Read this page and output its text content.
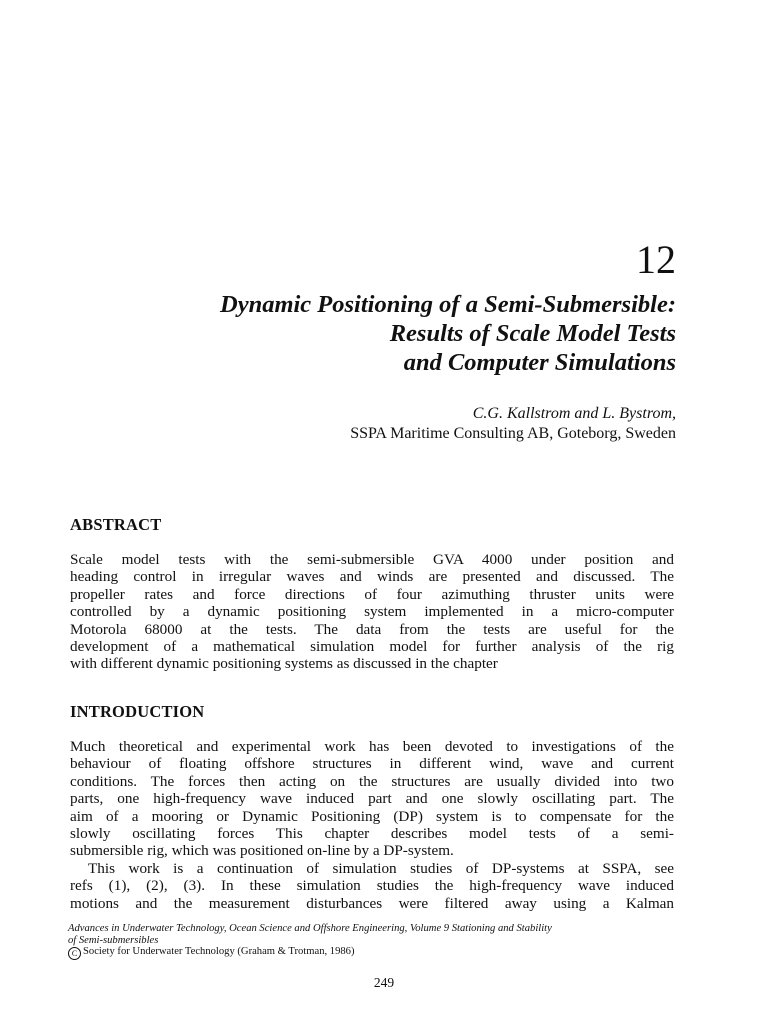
12
Dynamic Positioning of a Semi-Submersible:
Results of Scale Model Tests
and Computer Simulations
C.G. Kallstrom and L. Bystrom,
SSPA Maritime Consulting AB, Goteborg, Sweden
ABSTRACT
Scale model tests with the semi-submersible GVA 4000 under position and
heading control in irregular waves and winds are presented and discussed. The
propeller rates and force directions of four azimuthing thruster units were
controlled by a dynamic positioning system implemented in a micro-computer
Motorola 68000 at the tests. The data from the tests are useful for the
development of a mathematical simulation model for further analysis of the rig
with different dynamic positioning systems as discussed in the chapter
INTRODUCTION
Much theoretical and experimental work has been devoted to investigations of the
behaviour of floating offshore structures in different wind, wave and current
conditions. The forces then acting on the structures are usually divided into two
parts, one high-frequency wave induced part and one slowly oscillating part. The
aim of a mooring or Dynamic Positioning (DP) system is to compensate for the
slowly oscillating forces This chapter describes model tests of a semi-
submersible rig, which was positioned on-line by a DP-system.
This work is a continuation of simulation studies of DP-systems at SSPA, see
refs (1), (2), (3). In these simulation studies the high-frequency wave induced
motions and the measurement disturbances were filtered away using a Kalman
Advances in Underwater Technology, Ocean Science and Offshore Engineering, Volume 9 Stationing and Stability
of Semi-submersibles
C Society for Underwater Technology (Graham & Trotman, 1986)
249
